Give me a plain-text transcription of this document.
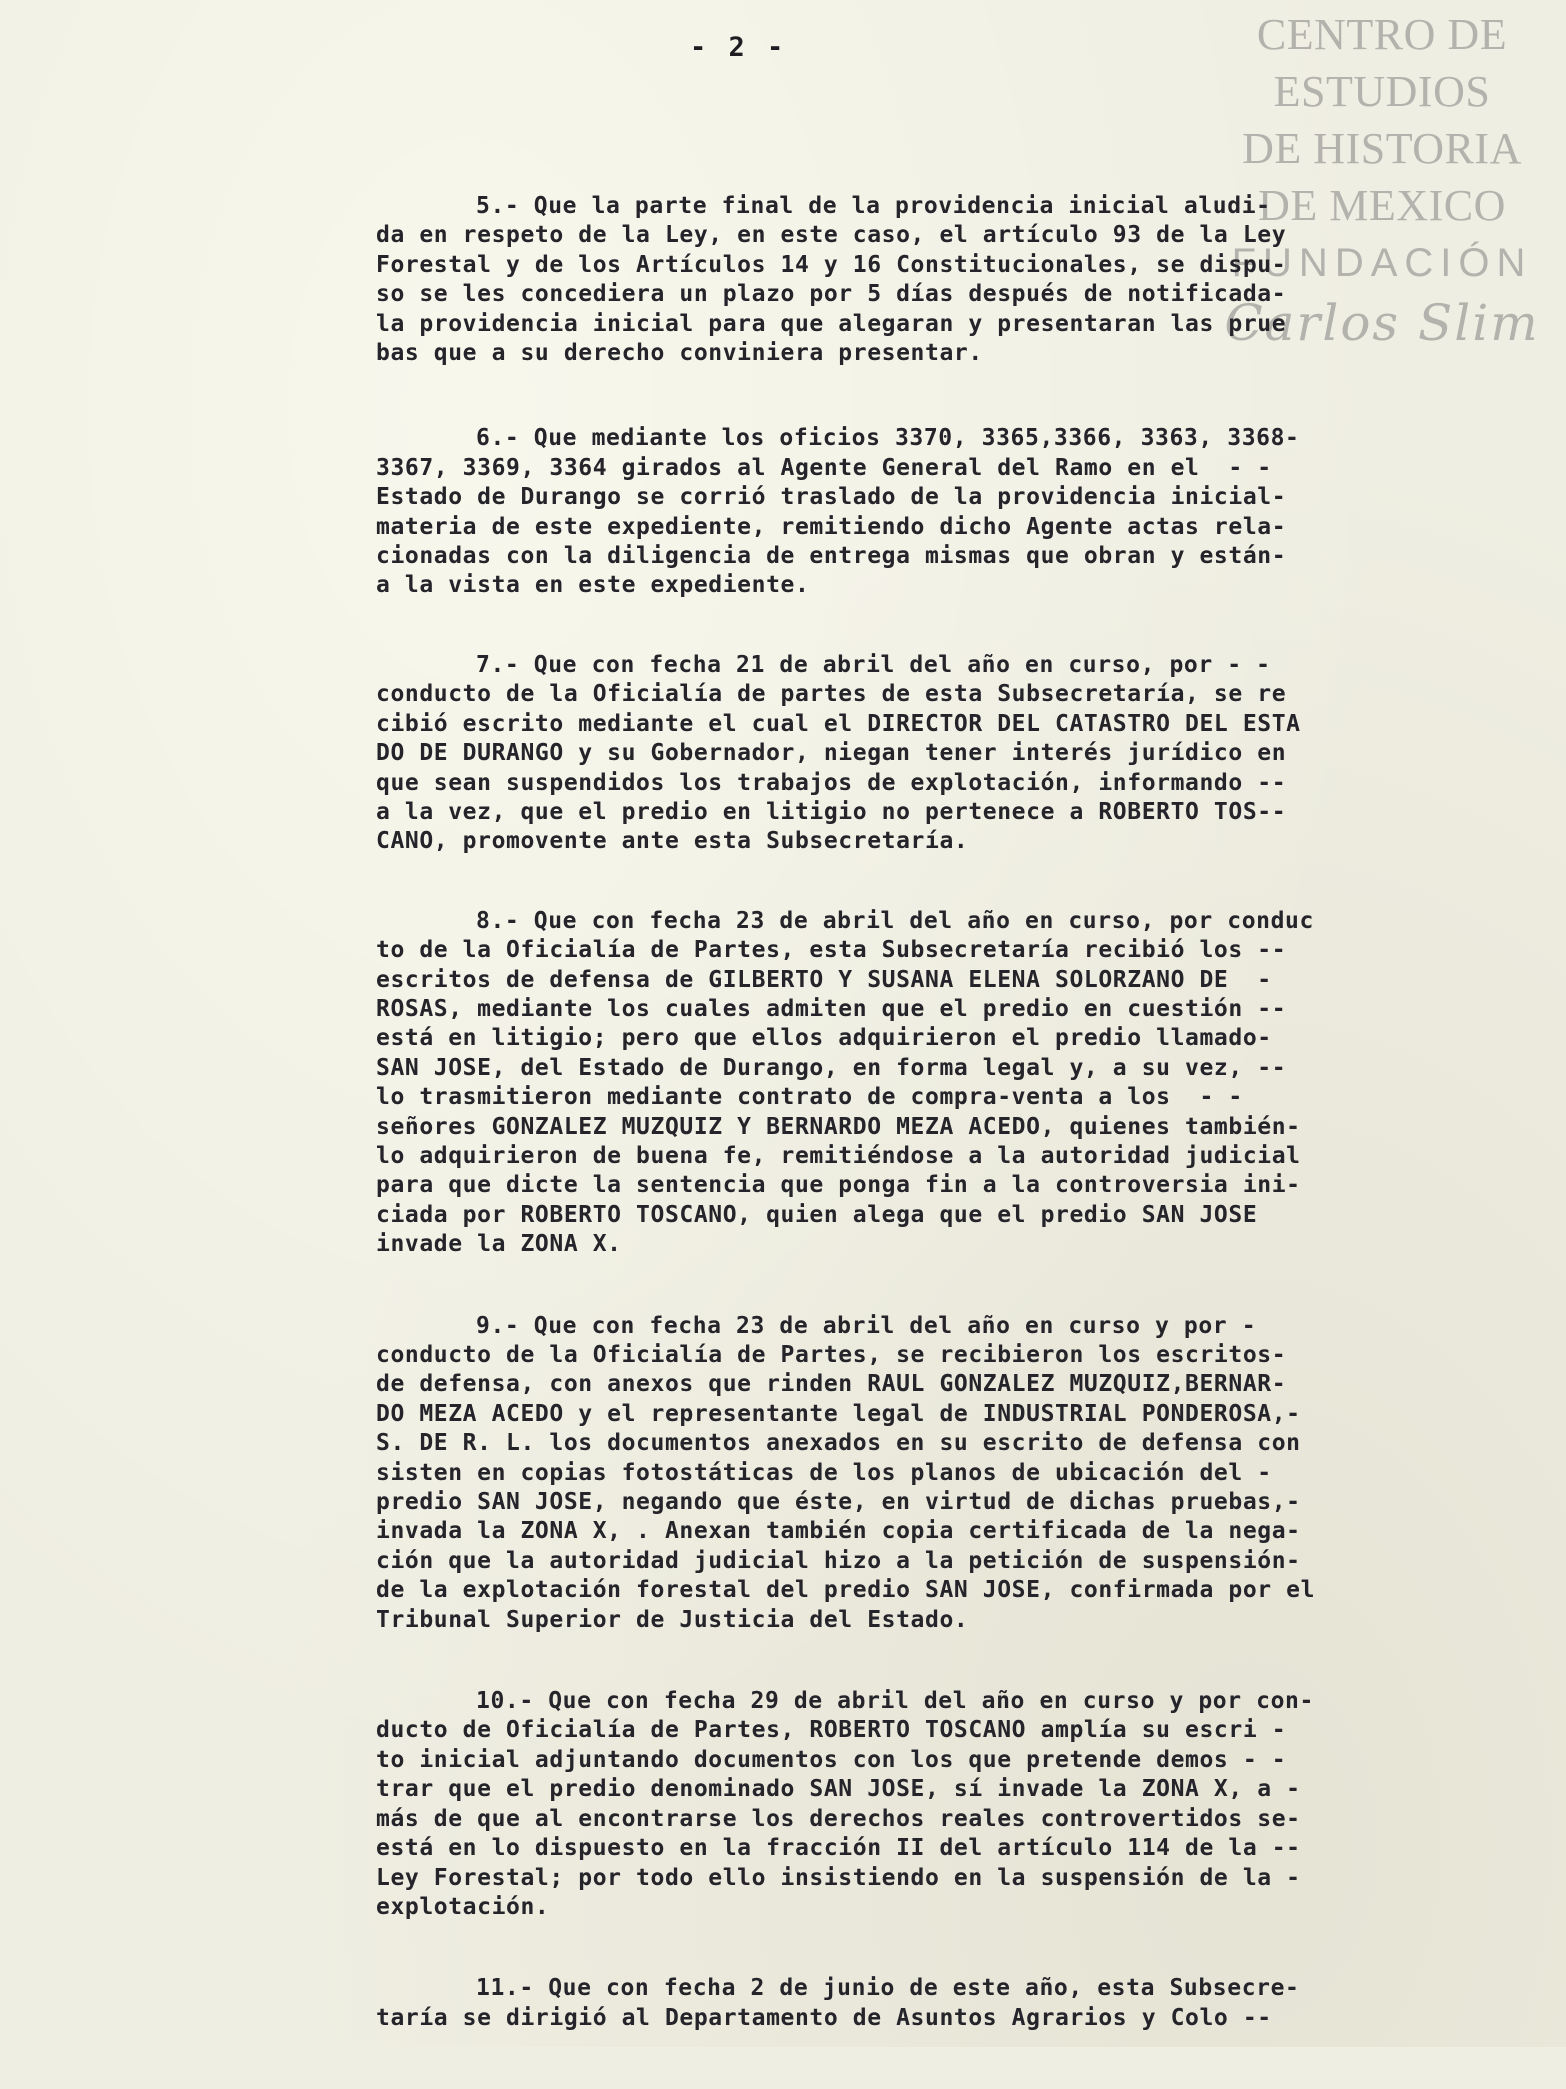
CENTRO DE
ESTUDIOS
DE HISTORIA
DE MEXICO
FUNDACIÓN
Carlos Slim
- 2 -
5.- Que la parte final de la providencia inicial aludi-
da en respeto de la Ley, en este caso, el artículo 93 de la Ley
Forestal y de los Artículos 14 y 16 Constitucionales, se dispu-
so se les concediera un plazo por 5 días después de notificada-
la providencia inicial para que alegaran y presentaran las prue
bas que a su derecho conviniera presentar.
6.- Que mediante los oficios 3370, 3365,3366, 3363, 3368-
3367, 3369, 3364 girados al Agente General del Ramo en el  - -
Estado de Durango se corrió traslado de la providencia inicial-
materia de este expediente, remitiendo dicho Agente actas rela-
cionadas con la diligencia de entrega mismas que obran y están-
a la vista en este expediente.
7.- Que con fecha 21 de abril del año en curso, por - -
conducto de la Oficialía de partes de esta Subsecretaría, se re
cibió escrito mediante el cual el DIRECTOR DEL CATASTRO DEL ESTA
DO DE DURANGO y su Gobernador, niegan tener interés jurídico en
que sean suspendidos los trabajos de explotación, informando --
a la vez, que el predio en litigio no pertenece a ROBERTO TOS--
CANO, promovente ante esta Subsecretaría.
8.- Que con fecha 23 de abril del año en curso, por conduc
to de la Oficialía de Partes, esta Subsecretaría recibió los --
escritos de defensa de GILBERTO Y SUSANA ELENA SOLORZANO DE  -
ROSAS, mediante los cuales admiten que el predio en cuestión --
está en litigio; pero que ellos adquirieron el predio llamado-
SAN JOSE, del Estado de Durango, en forma legal y, a su vez, --
lo trasmitieron mediante contrato de compra-venta a los  - -
señores GONZALEZ MUZQUIZ Y BERNARDO MEZA ACEDO, quienes también-
lo adquirieron de buena fe, remitiéndose a la autoridad judicial
para que dicte la sentencia que ponga fin a la controversia ini-
ciada por ROBERTO TOSCANO, quien alega que el predio SAN JOSE
invade la ZONA X.
9.- Que con fecha 23 de abril del año en curso y por -
conducto de la Oficialía de Partes, se recibieron los escritos-
de defensa, con anexos que rinden RAUL GONZALEZ MUZQUIZ,BERNAR-
DO MEZA ACEDO y el representante legal de INDUSTRIAL PONDEROSA,-
S. DE R. L. los documentos anexados en su escrito de defensa con
sisten en copias fotostáticas de los planos de ubicación del -
predio SAN JOSE, negando que éste, en virtud de dichas pruebas,-
invada la ZONA X, . Anexan también copia certificada de la nega-
ción que la autoridad judicial hizo a la petición de suspensión-
de la explotación forestal del predio SAN JOSE, confirmada por el
Tribunal Superior de Justicia del Estado.
10.- Que con fecha 29 de abril del año en curso y por con-
ducto de Oficialía de Partes, ROBERTO TOSCANO amplía su escri -
to inicial adjuntando documentos con los que pretende demos - -
trar que el predio denominado SAN JOSE, sí invade la ZONA X, a -
más de que al encontrarse los derechos reales controvertidos se-
está en lo dispuesto en la fracción II del artículo 114 de la --
Ley Forestal; por todo ello insistiendo en la suspensión de la -
explotación.
11.- Que con fecha 2 de junio de este año, esta Subsecre-
taría se dirigió al Departamento de Asuntos Agrarios y Colo --
